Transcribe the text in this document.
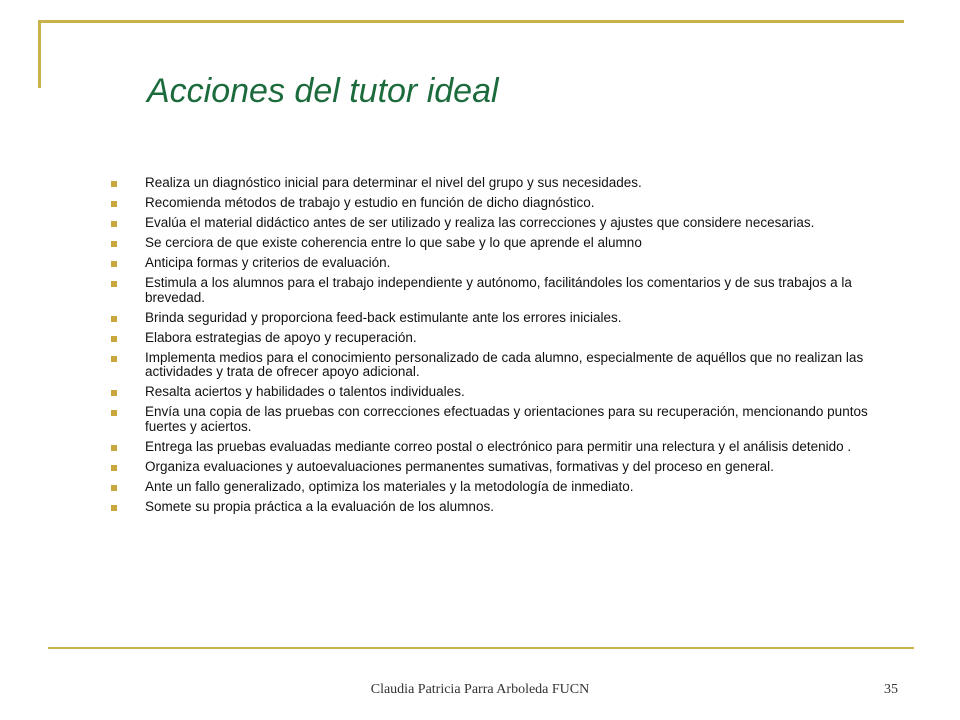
Acciones del tutor ideal
Realiza un diagnóstico inicial para determinar el nivel del grupo y sus necesidades.
Recomienda métodos de trabajo y estudio en función de dicho diagnóstico.
Evalúa el material didáctico antes de ser utilizado y realiza las correcciones y ajustes que considere necesarias.
Se cerciora de que existe coherencia entre lo que sabe y lo que aprende el alumno
Anticipa formas y criterios de evaluación.
Estimula a los alumnos para el trabajo independiente y autónomo, facilitándoles los comentarios y de sus trabajos a la brevedad.
Brinda seguridad y proporciona feed-back estimulante ante los errores iniciales.
Elabora estrategias de apoyo y recuperación.
Implementa medios para el conocimiento personalizado de cada alumno, especialmente de aquéllos que no realizan las actividades y trata de ofrecer apoyo adicional.
Resalta aciertos y habilidades o talentos individuales.
Envía una copia de las pruebas con correcciones efectuadas y orientaciones para su recuperación, mencionando puntos fuertes y aciertos.
Entrega las pruebas evaluadas mediante correo postal o electrónico para permitir una relectura y el análisis detenido .
Organiza evaluaciones y autoevaluaciones permanentes sumativas, formativas y del proceso en general.
Ante un fallo generalizado, optimiza los materiales y la metodología de inmediato.
Somete su propia práctica a la evaluación de los alumnos.
Claudia Patricia Parra Arboleda FUCN	35
